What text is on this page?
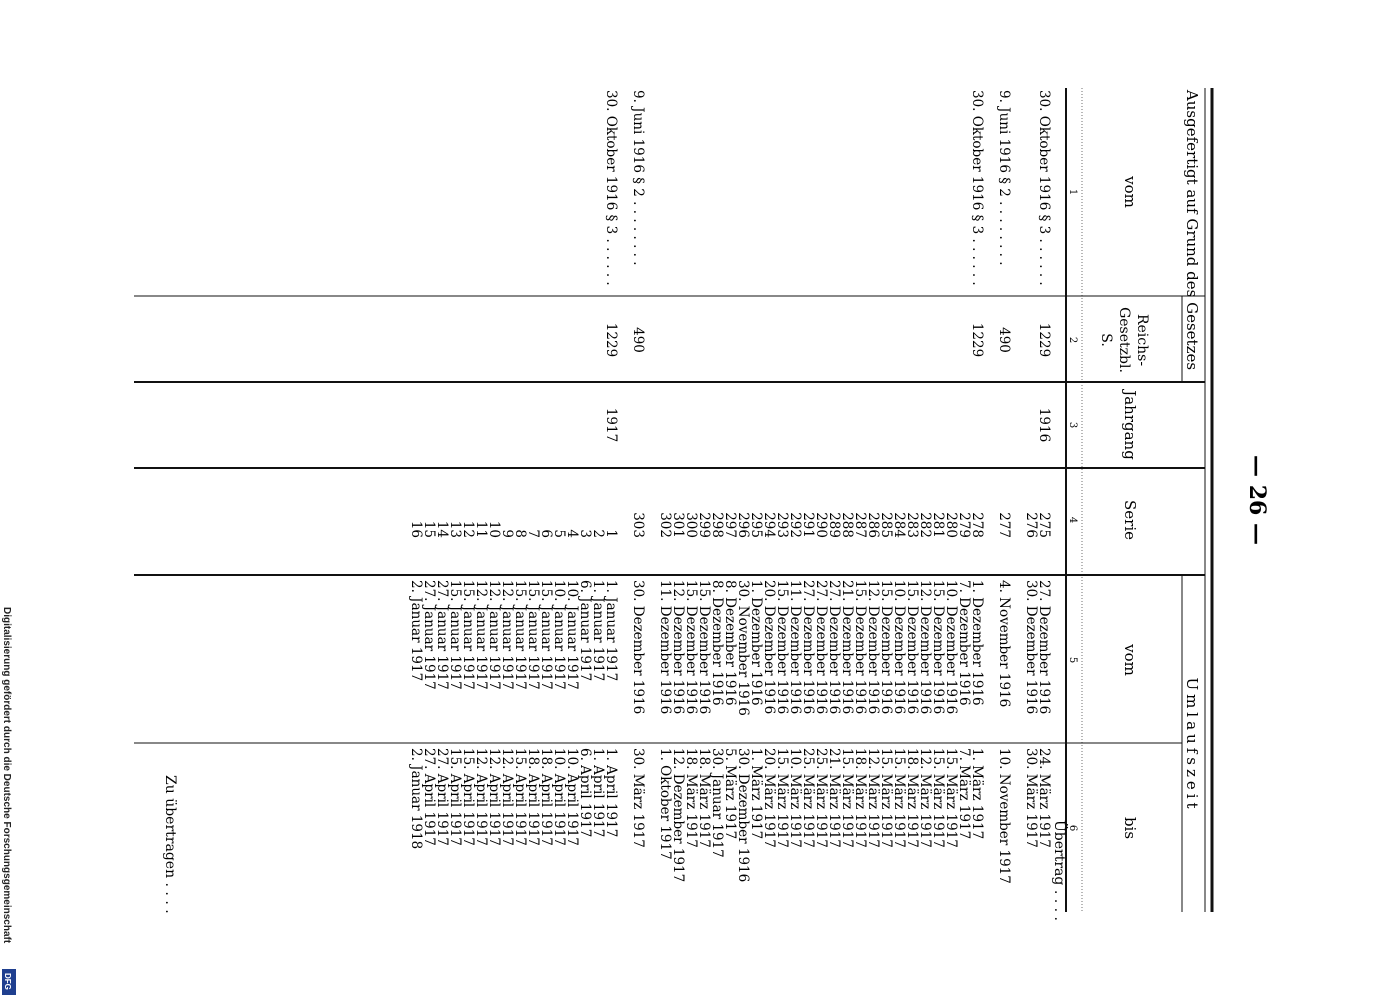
— 26 —
Ausgefertigt auf Grund des Gesetzes
Umlaufszeit
vom
Reichs-
Gesetzbl.
S.
Jahrgang
Serie
vom
bis
1
2
3
4
5
6
Übertrag . . . .
Zu übertragen . . . .
30. Oktober 1916 § 3 . . . . . .
1229
1916
275
27. Dezember 1916
24. März 1917
276
30. Dezember 1916
30. März 1917
9. Juni 1916 § 2 . . . . . . . .
490
277
4. November 1916
10. November 1917
30. Oktober 1916 § 3 . . . . . .
1229
278
1. Dezember 1916
1. März 1917
279
7. Dezember 1916
7. März 1917
280
10. Dezember 1916
15. März 1917
281
15. Dezember 1916
15. März 1917
282
12. Dezember 1916
12. März 1917
283
15. Dezember 1916
18. März 1917
284
10. Dezember 1916
15. März 1917
285
15. Dezember 1916
15. März 1917
286
12. Dezember 1916
12. März 1917
287
15. Dezember 1916
18. März 1917
288
21. Dezember 1916
15. März 1917
289
27. Dezember 1916
21. März 1917
290
27. Dezember 1916
25. März 1917
291
27. Dezember 1916
25. März 1917
292
11. Dezember 1916
10. März 1917
293
15. Dezember 1916
15. März 1917
294
20. Dezember 1916
20. März 1917
295
1. Dezember 1916
1. März 1917
296
30. November 1916
30. Dezember 1916
297
8. Dezember 1916
5. März 1917
298
8. Dezember 1916
30. Januar 1917
299
15. Dezember 1916
18. März 1917
300
15. Dezember 1916
18. März 1917
301
12. Dezember 1916
12. Dezember 1917
302
11. Dezember 1916
1. Oktober 1917
9. Juni 1916 § 2 . . . . . . . .
490
303
30. Dezember 1916
30. März 1917
30. Oktober 1916 § 3 . . . . . .
1229
1917
1
1. Januar 1917
1. April 1917
2
1. Januar 1917
1. April 1917
3
6. Januar 1917
6. April 1917
4
10. Januar 1917
10. April 1917
5
10. Januar 1917
10. April 1917
6
15. Januar 1917
18. April 1917
7
15. Januar 1917
18. April 1917
8
15. Januar 1917
15. April 1917
9
12. Januar 1917
12. April 1917
10
12. Januar 1917
12. April 1917
11
12. Januar 1917
12. April 1917
12
15. Januar 1917
15. April 1917
13
15. Januar 1917
15. April 1917
14
27. Januar 1917
27. April 1917
15
27. Januar 1917
27. April 1917
16
2. Januar 1917
2. Januar 1918
Digitalisierung gefördert durch die Deutsche Forschungsgemeinschaft
DFG
